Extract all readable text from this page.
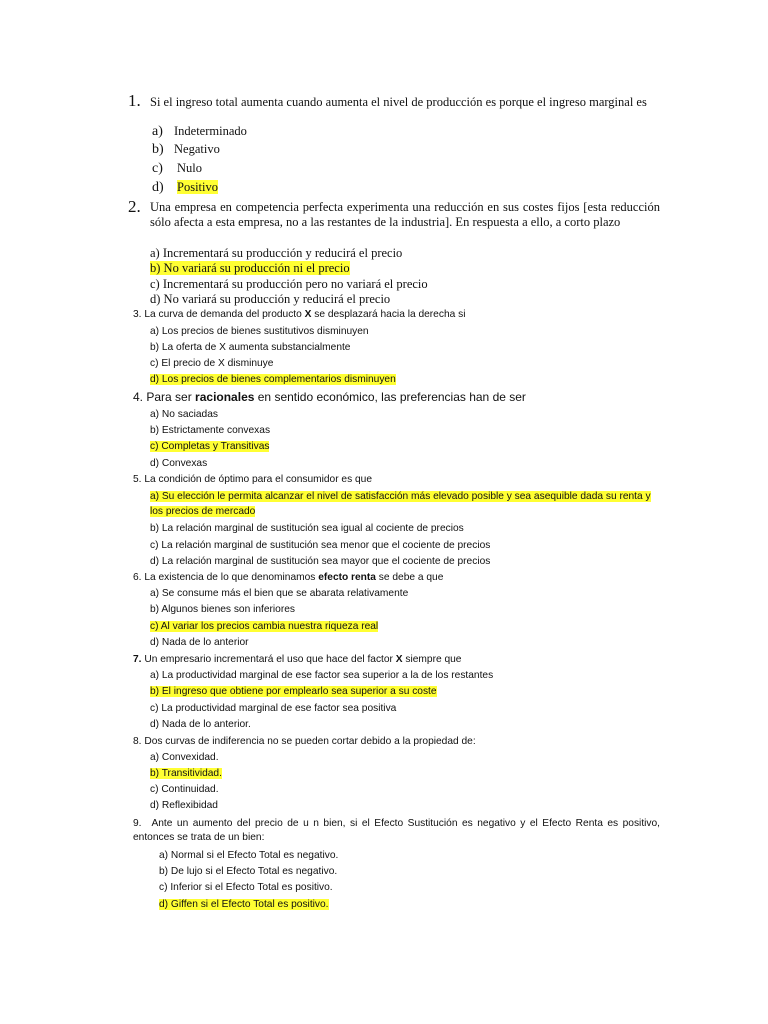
1. Si el ingreso total aumenta cuando aumenta el nivel de producción es porque el ingreso marginal es
a) Indeterminado
b) Negativo
c) Nulo
d) Positivo
2. Una empresa en competencia perfecta experimenta una reducción en sus costes fijos [esta reducción sólo afecta a esta empresa, no a las restantes de la industria]. En respuesta a ello, a corto plazo
a) Incrementará su producción y reducirá el precio
b) No variará su producción ni el precio
c) Incrementará su producción pero no variará el precio
d) No variará su producción y reducirá el precio
3. La curva de demanda del producto X se desplazará hacia la derecha si
a) Los precios de bienes sustitutivos disminuyen
b) La oferta de X aumenta substancialmente
c) El precio de X disminuye
d) Los precios de bienes complementarios disminuyen
4. Para ser racionales en sentido económico, las preferencias han de ser
a) No saciadas
b) Estrictamente convexas
c) Completas y Transitivas
d) Convexas
5. La condición de óptimo para el consumidor es que
a) Su elección le permita alcanzar el nivel de satisfacción más elevado posible y sea asequible dada su renta y
los precios de mercado
b) La relación marginal de sustitución sea igual al cociente de precios
c) La relación marginal de sustitución sea menor que el cociente de precios
d) La relación marginal de sustitución sea mayor que el cociente de precios
6. La existencia de lo que denominamos efecto renta se debe a que
a) Se consume más el bien que se abarata relativamente
b) Algunos bienes son inferiores
c) Al variar los precios cambia nuestra riqueza real
d) Nada de lo anterior
7. Un empresario incrementará el uso que hace del factor X siempre que
a) La productividad marginal de ese factor sea superior a la de los restantes
b) El ingreso que obtiene por emplearlo sea superior a su coste
c) La productividad marginal de ese factor sea positiva
d) Nada de lo anterior.
8. Dos curvas de indiferencia no se pueden cortar debido a la propiedad de:
a) Convexidad.
b) Transitividad.
c) Continuidad.
d) Reflexibidad
9. Ante un aumento del precio de u n bien, si el Efecto Sustitución es negativo y el Efecto Renta es positivo, entonces se trata de un bien:
a) Normal si el Efecto Total es negativo.
b) De lujo si el Efecto Total es negativo.
c) Inferior si el Efecto Total es positivo.
d) Giffen si el Efecto Total es positivo.
